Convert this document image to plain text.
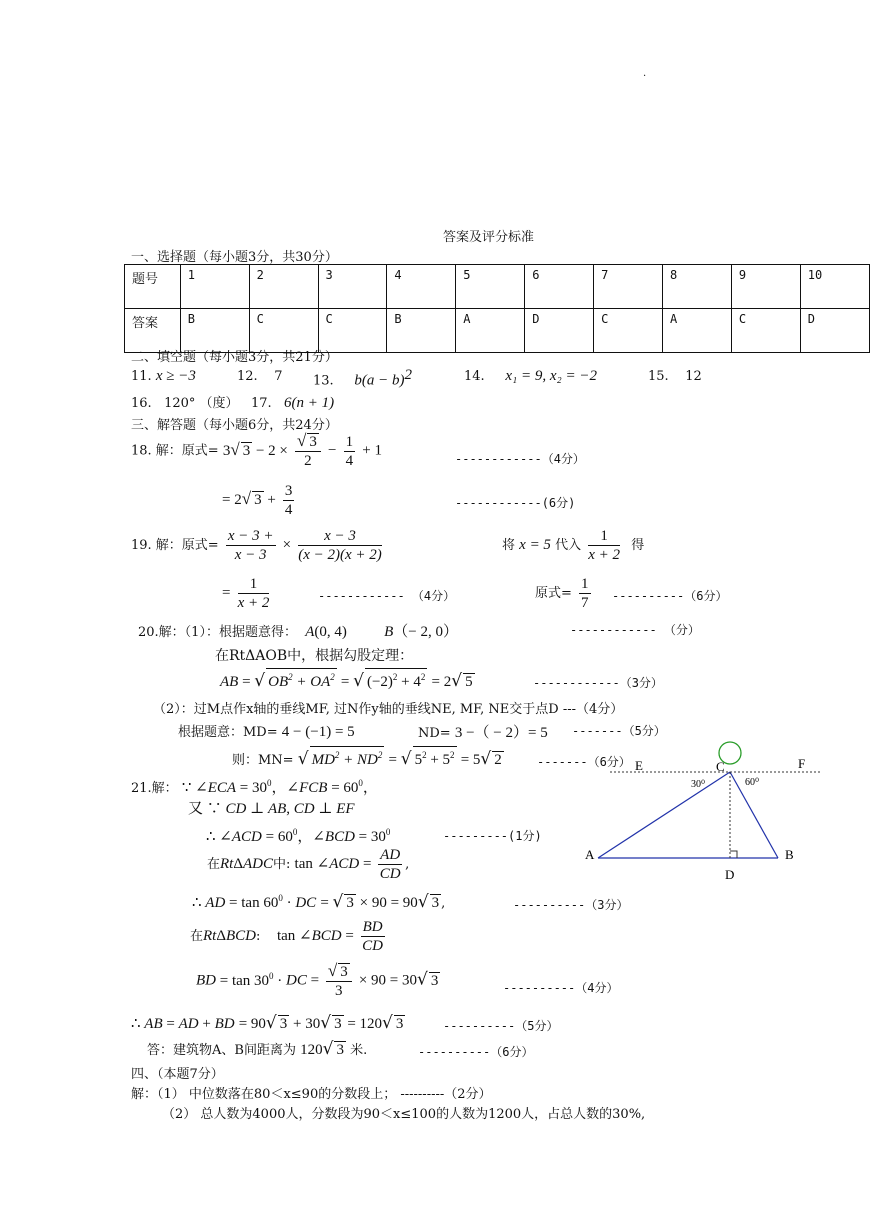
.
答案及评分标准
一、选择题（每小题3分，共30分）
题号	1	2	3	4	5	6	7	8	9	10
答案	B	C	C	B	A	D	C	A	C	D
二、填空题（每小题3分，共21分）
11. x ≥ −3	12. 7 13. $b(a - b)^2$	14. x₁ = 9, x₂ = −2	15. 12
16. 120° （度） 17. 6(n + 1)
三、解答题（每小题6分，共24分）
18. 解：原式= 3√ $3 - 2 \times \frac{√ 3}{2} - \frac{1}{4} + 1$
------------（4分）
= 2√ $3 + \frac{3}{4}$	------------(6分)
19. 解：原式= $\frac{x - 3 +}{x - 3} \times \frac{x - 3}{(x - 2)(x + 2)}$	将 x = 5 代入 $\frac{1}{x + 2}$ 得
= $\frac{1}{x + 2}$	------------ （4分）	原式= $\frac{1}{7} ----------(6$分）
20.解：（1）：根据题意得： A(0, 4) B（− 2, 0）	------------ （分）
在RtΔAOB中，根据勾股定理：
AB = √ $OB^2 + OA^2$ = √ $(-2)^2 + 4^2 = 2√$ 5	------------（3分）
（2）：过M点作x轴的垂线MF, 过N作y轴的垂线NE, MF, NE交于点D ---（4分）
根据题意：MD= 4 − (−1) = 5	ND= 3 −（ − 2）= 5 -------（5分）
则：MN= √ $MD^2 + ND^2$ = √ $5^2 + 5^2 = 5√$ 2	-------（6分）
21.解： ∵ ∠ECA = $30^0$，∠FCB = $60^0$，
又 ∵ CD ⊥ AB, CD ⊥ EF
∴ ∠ACD = $60^0$，∠BCD = $30^0$	---------(1分)
在RtΔADC中: tan ∠ACD = $\frac{AD}{CD}$ ,
∴ AD = $\tan 60^0$ · DC = √ 3 × 90 = 90√ 3 ,	----------（3分）
在RtΔBCD:    tan ∠BCD = $\frac{BD}{CD}$
BD = $\tan 30^0$ · DC = $\frac{√ 3}{3} \times 90 = 30√$ 3	----------（4分）
∴ AB = AD + BD = 90√ 3 + 30√ 3 = 120√ 3	----------（5分）
答：建筑物A、B间距离为 120√ 3 米.	----------（6分）
E	C	F
A	B
D
30⁰	60⁰
四、（本题7分）
解：（1） 中位数落在80＜x≤90的分数段上； ----------（2分）
（2） 总人数为4000人，分数段为90＜x≤100的人数为1200人，占总人数的30%,
